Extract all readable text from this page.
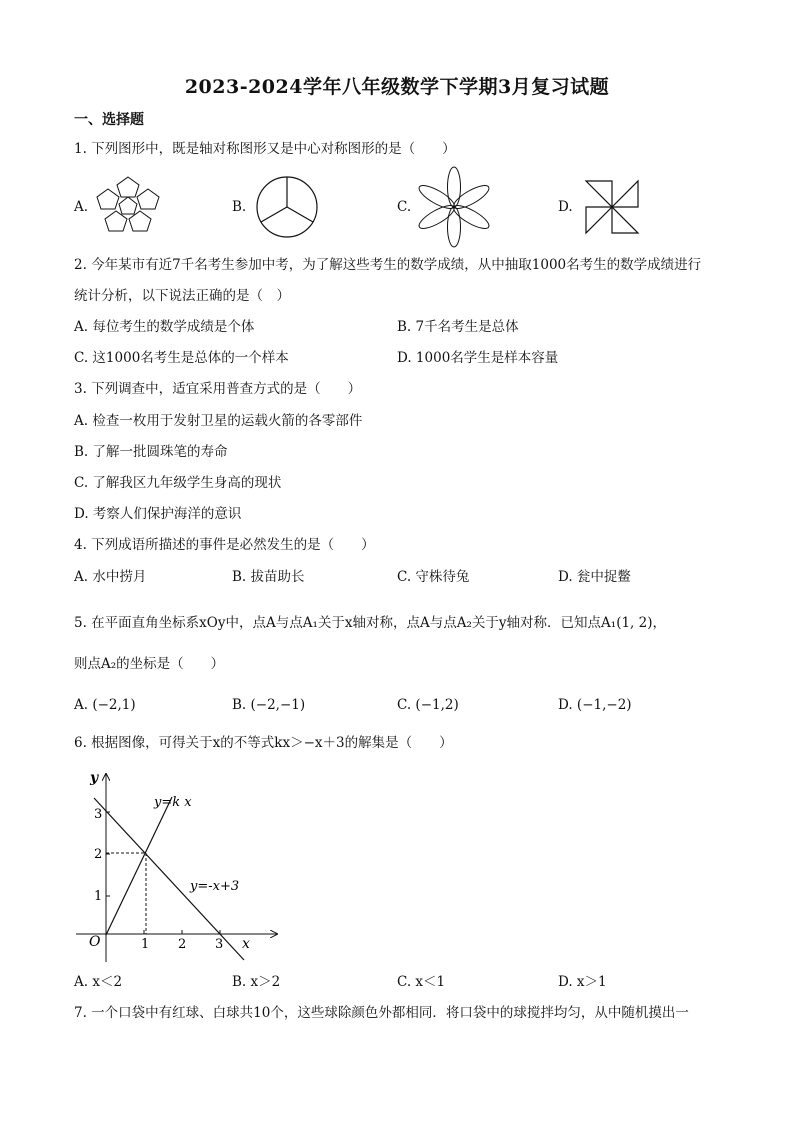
2023-2024学年八年级数学下学期3月复习试题
一、选择题
1. 下列图形中，既是轴对称图形又是中心对称图形的是（　　）
A.	B.	C.	D.
2. 今年某市有近7千名考生参加中考，为了解这些考生的数学成绩，从中抽取1000名考生的数学成绩进行
统计分析，以下说法正确的是（　）
A. 每位考生的数学成绩是个体	B. 7千名考生是总体
C. 这1000名考生是总体的一个样本	D. 1000名学生是样本容量
3. 下列调查中，适宜采用普查方式的是（　　）
A. 检查一枚用于发射卫星的运载火箭的各零部件
B. 了解一批圆珠笔的寿命
C. 了解我区九年级学生身高的现状
D. 考察人们保护海洋的意识
4. 下列成语所描述的事件是必然发生的是（　　）
A. 水中捞月	B. 拔苗助长	C. 守株待兔	D. 瓮中捉鳖
5. 在平面直角坐标系xOy中，点A与点A₁关于x轴对称，点A与点A₂关于y轴对称．已知点A₁(1, 2)，
则点A₂的坐标是（　　）
A. (−2,1)	B. (−2,−1)	C. (−1,2)	D. (−1,−2)
6. 根据图像，可得关于x的不等式kx＞−x＋3的解集是（　　）
y
x
O	1 2 3
1
2
3
y=k x
y=-x+3
A. x＜2	B. x＞2	C. x＜1	D. x＞1
7. 一个口袋中有红球、白球共10个，这些球除颜色外都相同．将口袋中的球搅拌均匀，从中随机摸出一
